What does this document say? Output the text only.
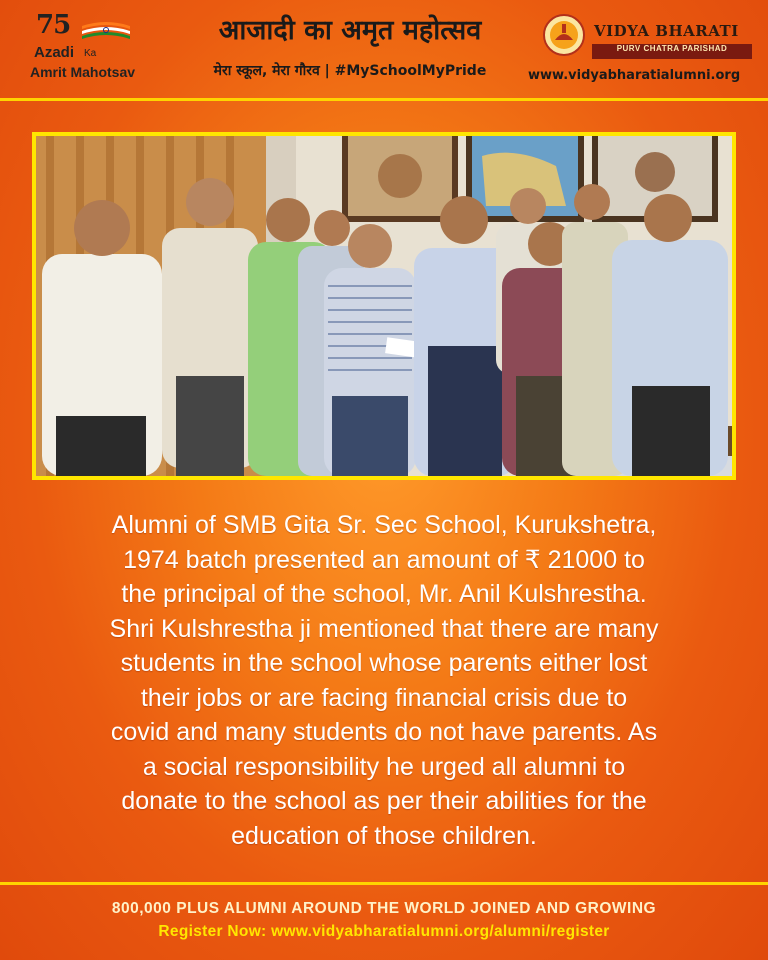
75
Azadi Ka
Amrit Mahotsav
आजादी का अमृत महोत्सव
मेरा स्कूल, मेरा गौरव | #MySchoolMyPride
VIDYA BHARATI
PURV CHATRA PARISHAD
www.vidyabharatialumni.org
Alumni of SMB Gita Sr. Sec School, Kurukshetra,
1974 batch presented an amount of ₹ 21000 to
the principal of the school, Mr. Anil Kulshrestha.
Shri Kulshrestha ji mentioned that there are many
students in the school whose parents either lost
their jobs or are facing financial crisis due to
covid and many students do not have parents. As
a social responsibility he urged all alumni to
donate to the school as per their abilities for the
education of those children.
800,000 PLUS ALUMNI AROUND THE WORLD JOINED AND GROWING
Register Now: www.vidyabharatialumni.org/alumni/register
